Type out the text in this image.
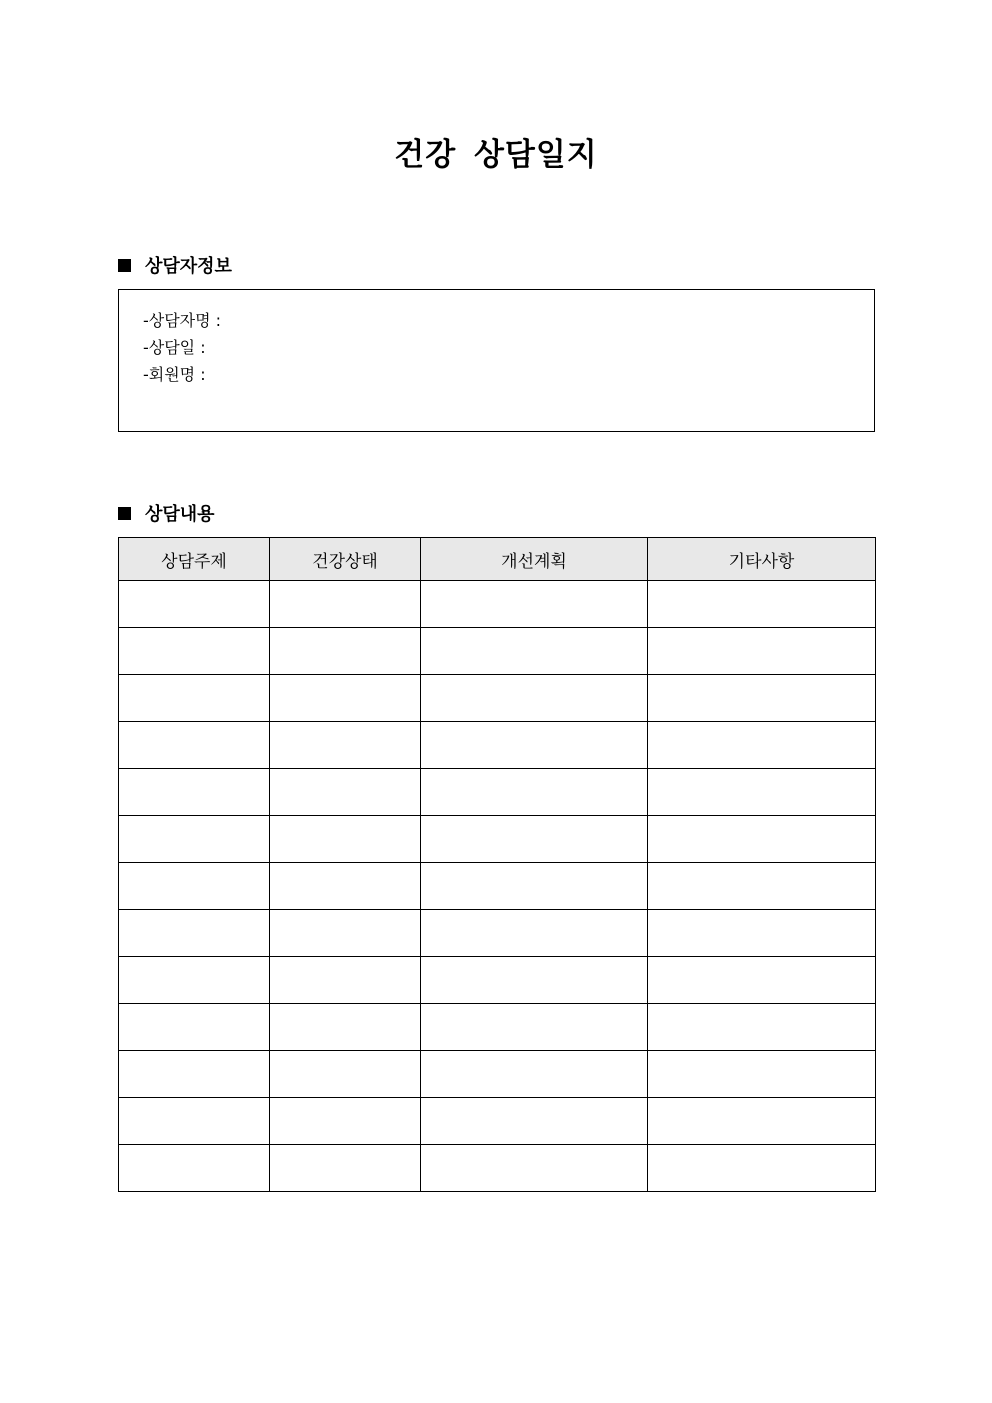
건강 상담일지
상담자정보
-상담자명 :
-상담일 :
-회원명 :
상담내용
상담주제	건강상태	개선계획	기타사항
